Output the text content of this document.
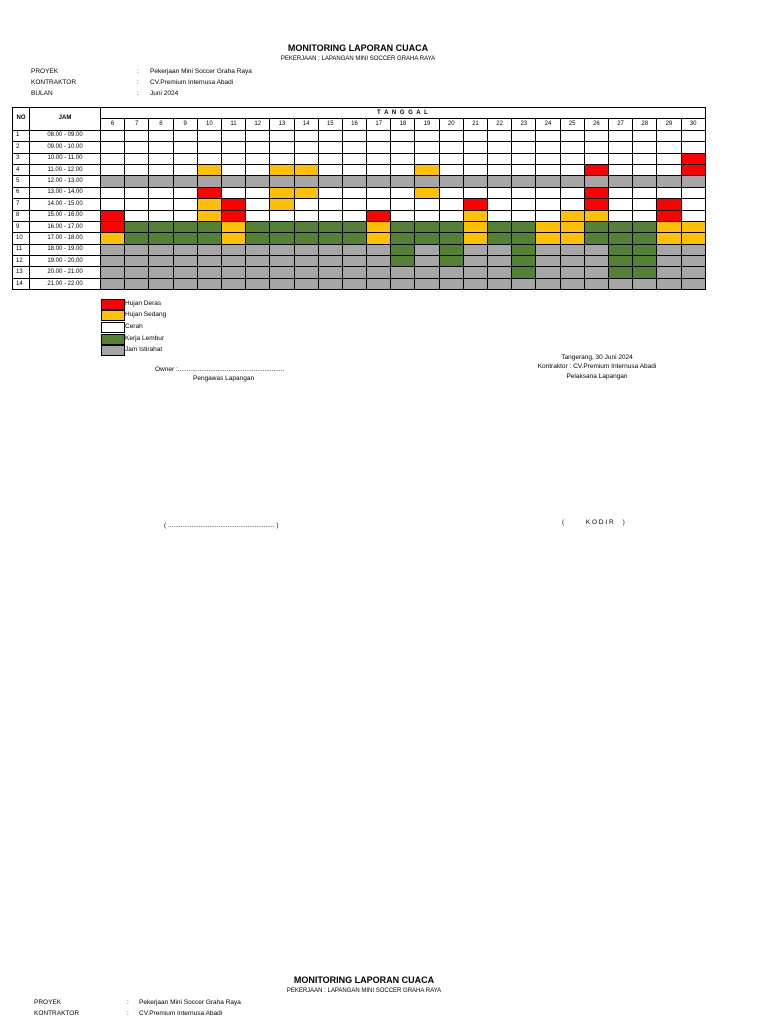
MONITORING LAPORAN CUACA
PEKERJAAN : LAPANGAN MINI SOCCER GRAHA RAYA
PROYEK	: Pekerjaan Mini Soccer Graha Raya
KONTRAKTOR	: CV.Premium Internusa Abadi
BULAN	: Juni 2024
NO	JAM	T A N G G A L																								
		6	7	8	9	10	11	12	13	14	15	16	17	18	19	20	21	22	23	24	25	26	27	28	29	30
1	08.00 - 09.00																									
2	09.00 - 10.00																									
3	10.00 - 11.00																									
4	11.00 - 12.00																									
5	12.00 - 13.00																									
6	13.00 - 14.00																									
7	14.00 - 15.00																									
8	15.00 - 16.00																									
9	16.00 - 17.00																									
10	17.00 - 18.00																									
11	18.00 - 19.00																									
12	19.00 - 20.00																									
13	20.00 - 21.00																									
14	21.00 - 22.00																									
Hujan Deras
Hujan Sedang
Cerah
Kerja Lembur
Jam Istirahat
Owner :...........................................................
Pengawas Lapangan
( ........................................................... )
Tangerang, 30 Juni 2024
Kontraktor : CV.Premium Internusa Abadi
Pelaksana Lapangan
(            K O D I R     )
MONITORING LAPORAN CUACA
PEKERJAAN : LAPANGAN MINI SOCCER GRAHA RAYA
PROYEK	: Pekerjaan Mini Soccer Graha Raya
KONTRAKTOR	: CV.Premium Internusa Abadi
